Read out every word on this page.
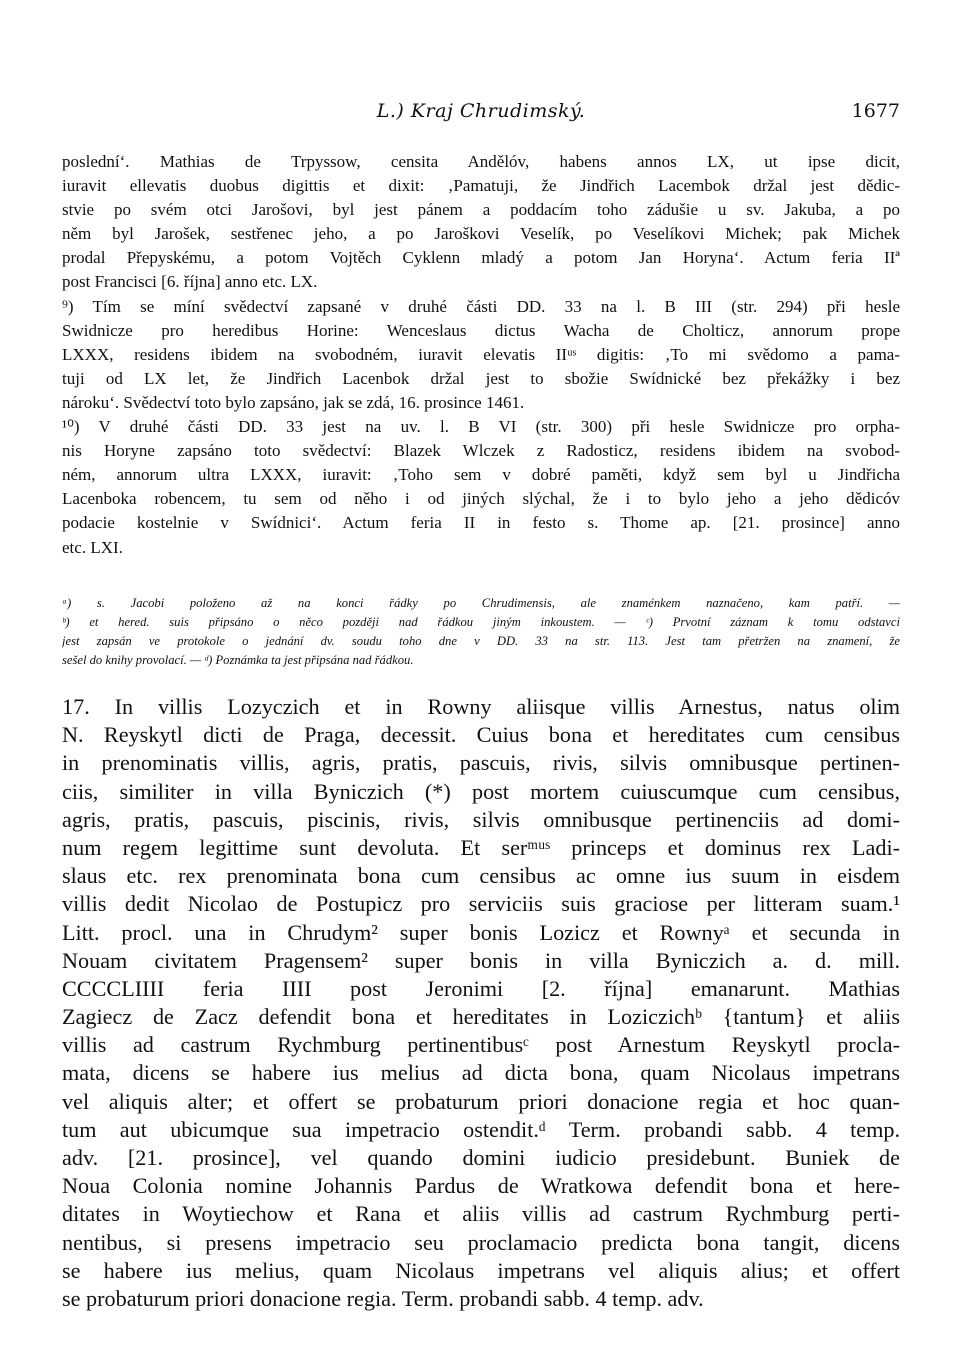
L.) Kraj Chrudimský.	1677
poslední‘. Mathias de Trpyssow, censita Andělóv, habens annos LX, ut ipse dicit,
iuravit ellevatis duobus digittis et dixit: ‚Pamatuji, že Jindřich Lacembok držal jest dědic-
stvie po svém otci Jarošovi, byl jest pánem a poddacím toho zádušie u sv. Jakuba, a po
něm byl Jarošek, sestřenec jeho, a po Jaroškovi Veselík, po Veselíkovi Michek; pak Michek
prodal Přepyskému, a potom Vojtěch Cyklenn mladý a potom Jan Horyna‘. Actum feria IIª
post Francisci [6. října] anno etc. LX.
⁹) Tím se míní svědectví zapsané v druhé části DD. 33 na l. B III (str. 294) při hesle
Swidnicze pro heredibus Horine: Wenceslaus dictus Wacha de Cholticz, annorum prope
LXXX, residens ibidem na svobodném, iuravit elevatis IIᵘˢ digitis: ‚To mi svědomo a pama-
tuji od LX let, že Jindřich Lacenbok držal jest to sbožie Swídnické bez překážky i bez
nároku‘. Svědectví toto bylo zapsáno, jak se zdá, 16. prosince 1461.
¹⁰) V druhé části DD. 33 jest na uv. l. B VI (str. 300) při hesle Swidnicze pro orpha-
nis Horyne zapsáno toto svědectví: Blazek Wlczek z Radosticz, residens ibidem na svobod-
ném, annorum ultra LXXX, iuravit: ‚Toho sem v dobré paměti, když sem byl u Jindřicha
Lacenboka robencem, tu sem od něho i od jiných slýchal, že i to bylo jeho a jeho dědicóv
podacie kostelnie v Swídnici‘. Actum feria II in festo s. Thome ap. [21. prosince] anno
etc. LXI.
ᵃ) s. Jacobi položeno až na konci řádky po Chrudimensis, ale znaménkem naznačeno, kam patří. —
ᵇ) et hered. suis připsáno o něco později nad řádkou jiným inkoustem. — ᶜ) Prvotní záznam k tomu odstavci
jest zapsán ve protokole o jednání dv. soudu toho dne v DD. 33 na str. 113. Jest tam přetržen na znamení, že
sešel do knihy provolací. — ᵈ) Poznámka ta jest připsána nad řádkou.
17. In villis Lozyczich et in Rowny aliisque villis Arnestus, natus olim
N. Reyskytl dicti de Praga, decessit. Cuius bona et hereditates cum censibus
in prenominatis villis, agris, pratis, pascuis, rivis, silvis omnibusque pertinen-
ciis, similiter in villa Byniczich (*) post mortem cuiuscumque cum censibus,
agris, pratis, pascuis, piscinis, rivis, silvis omnibusque pertinenciis ad domi-
num regem legittime sunt devoluta. Et serᵐᵘˢ princeps et dominus rex Ladi-
slaus etc. rex prenominata bona cum censibus ac omne ius suum in eisdem
villis dedit Nicolao de Postupicz pro serviciis suis graciose per litteram suam.¹
Litt. procl. una in Chrudym² super bonis Lozicz et Rownyᵃ et secunda in
Nouam civitatem Pragensem² super bonis in villa Byniczich a. d. mill.
CCCCLIIII feria IIII post Jeronimi [2. října] emanarunt. Mathias
Zagiecz de Zacz defendit bona et hereditates in Loziczichᵇ {tantum} et aliis
villis ad castrum Rychmburg pertinentibusᶜ post Arnestum Reyskytl procla-
mata, dicens se habere ius melius ad dicta bona, quam Nicolaus impetrans
vel aliquis alter; et offert se probaturum priori donacione regia et hoc quan-
tum aut ubicumque sua impetracio ostendit.ᵈ Term. probandi sabb. 4 temp.
adv. [21. prosince], vel quando domini iudicio presidebunt. Buniek de
Noua Colonia nomine Johannis Pardus de Wratkowa defendit bona et here-
ditates in Woytiechow et Rana et aliis villis ad castrum Rychmburg perti-
nentibus, si presens impetracio seu proclamacio predicta bona tangit, dicens
se habere ius melius, quam Nicolaus impetrans vel aliquis alius; et offert
se probaturum priori donacione regia. Term. probandi sabb. 4 temp. adv.
